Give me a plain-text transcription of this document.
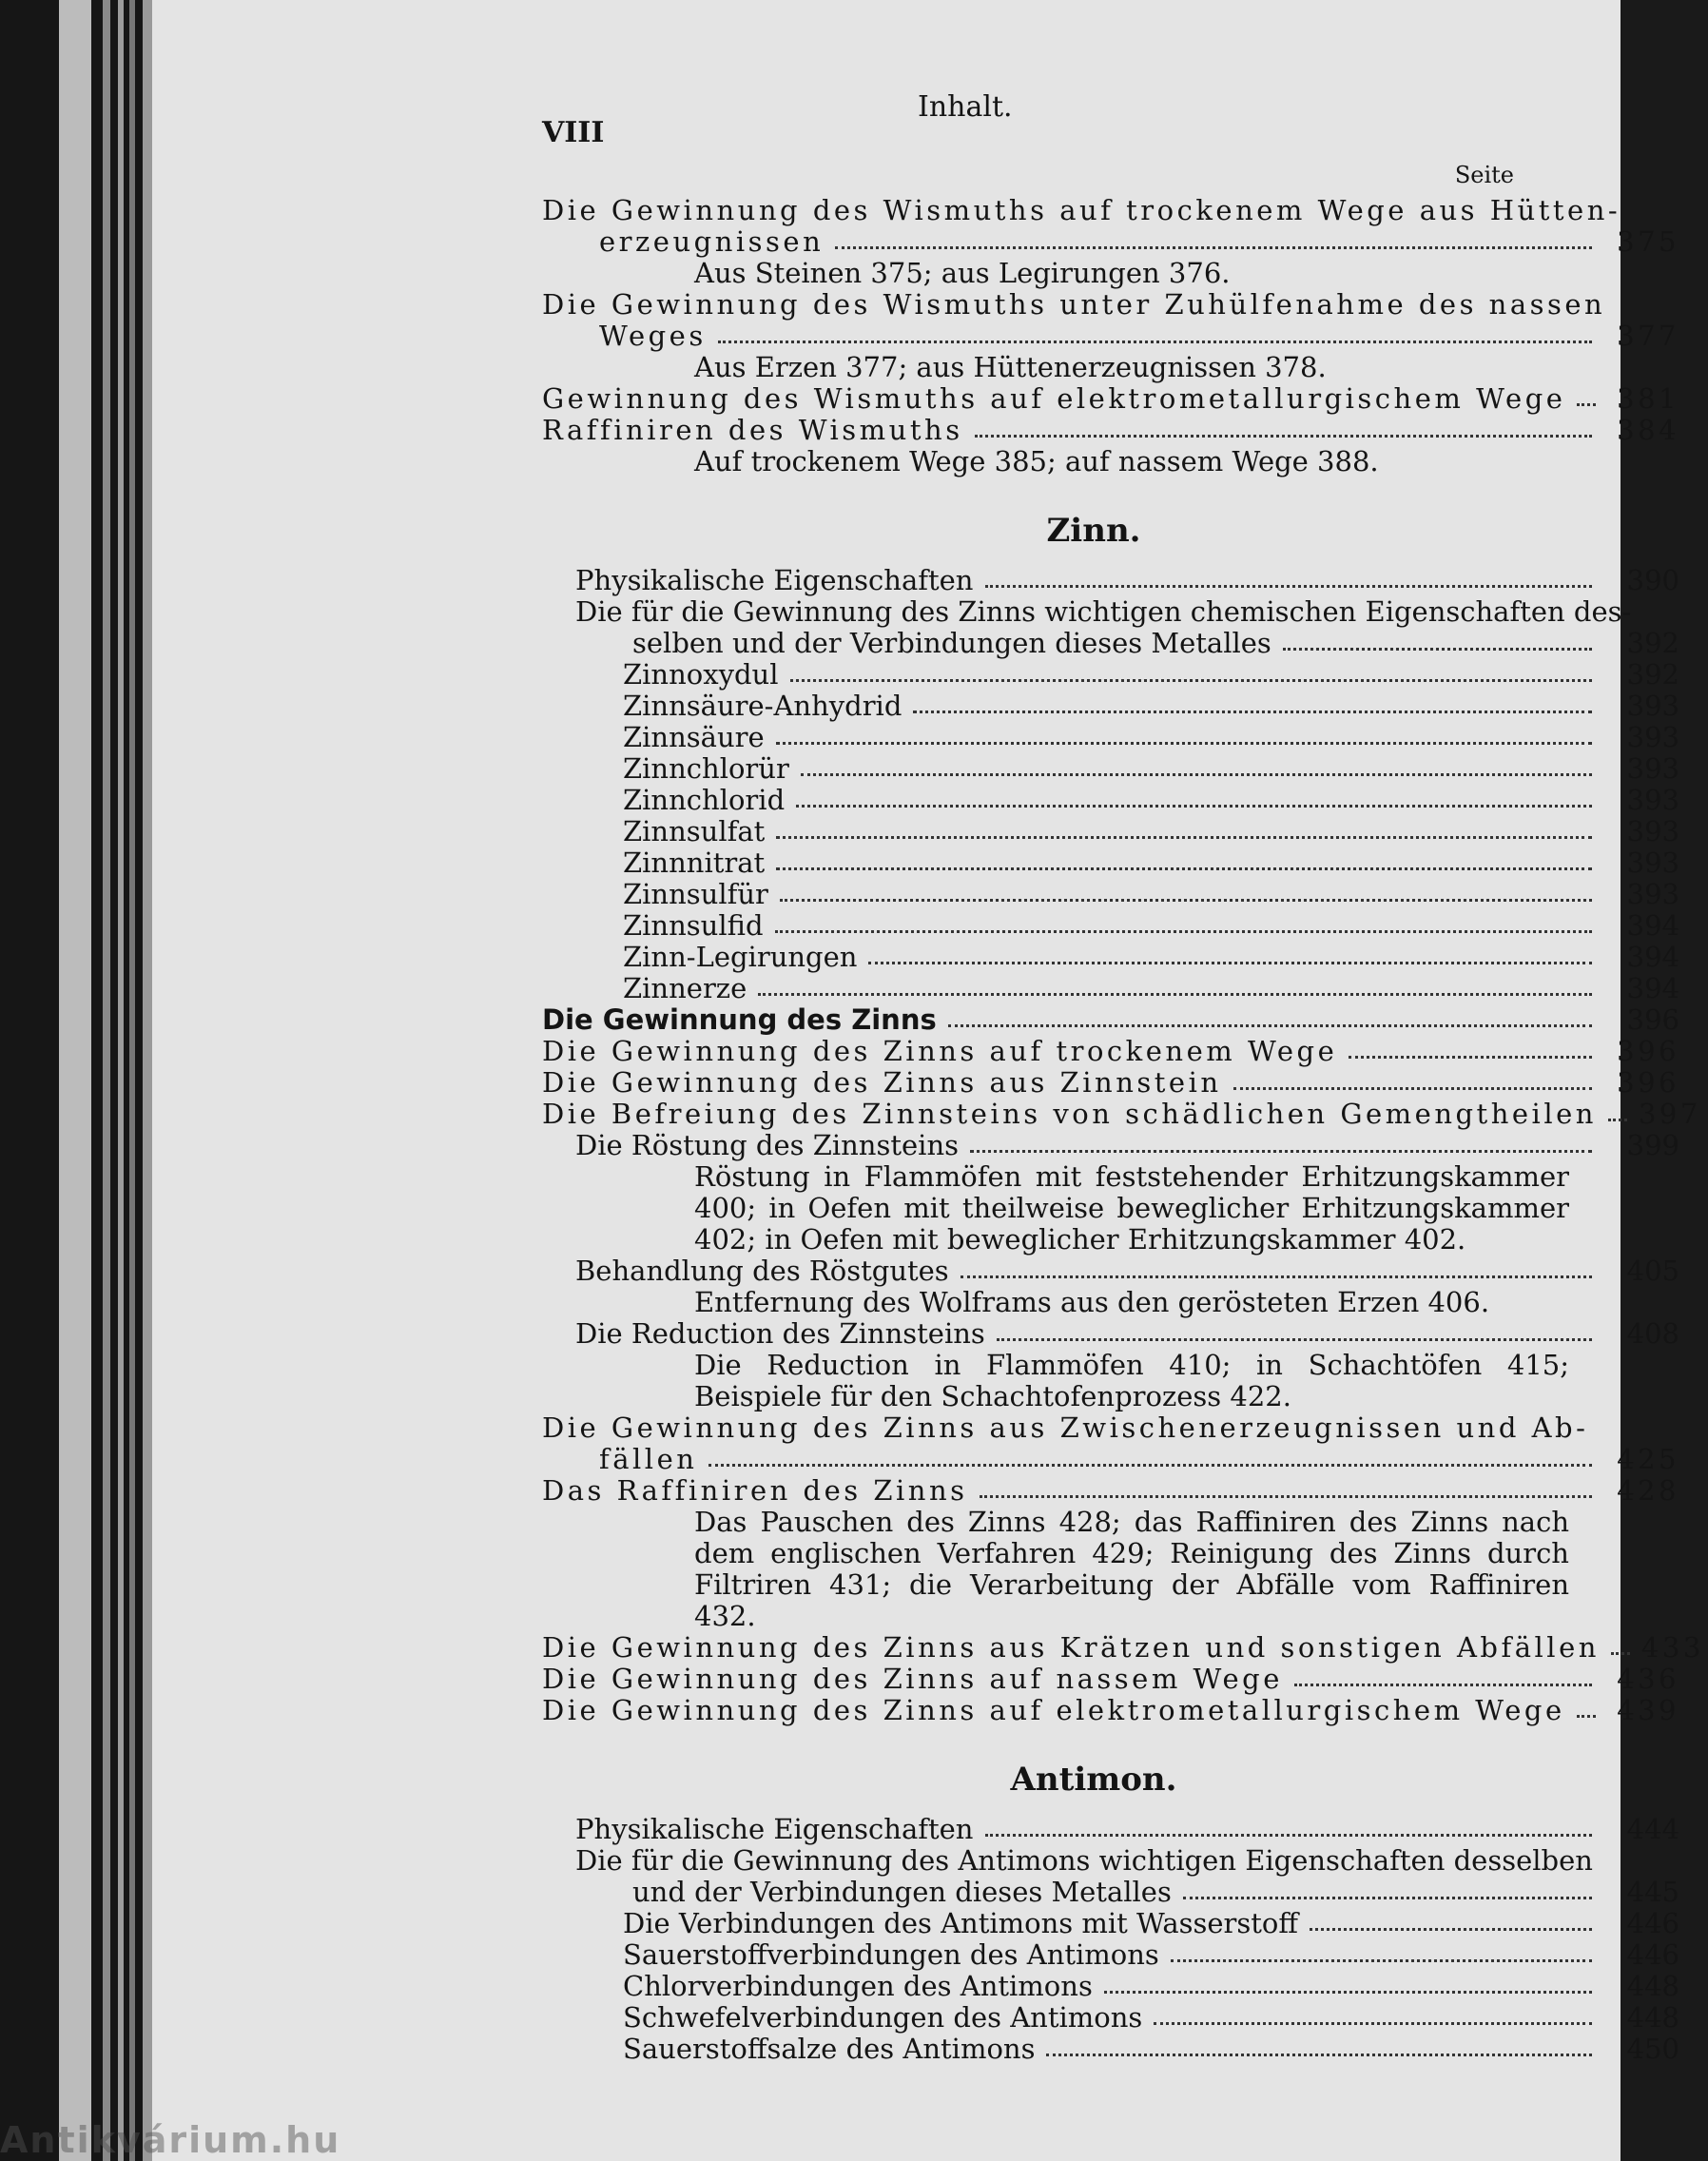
VIII
Inhalt.
Seite
Die Gewinnung des Wismuths auf trockenem Wege aus Hütten-
erzeugnissen	375
Aus Steinen 375; aus Legirungen 376.
Die Gewinnung des Wismuths unter Zuhülfenahme des nassen
Weges	377
Aus Erzen 377; aus Hüttenerzeugnissen 378.
Gewinnung des Wismuths auf elektrometallurgischem Wege	381
Raffiniren des Wismuths	384
Auf trockenem Wege 385; auf nassem Wege 388.
Zinn.
Physikalische Eigenschaften	390
Die für die Gewinnung des Zinns wichtigen chemischen Eigenschaften des-
selben und der Verbindungen dieses Metalles	392
Zinnoxydul	392
Zinnsäure-Anhydrid	393
Zinnsäure	393
Zinnchlorür	393
Zinnchlorid	393
Zinnsulfat	393
Zinnnitrat	393
Zinnsulfür	393
Zinnsulfid	394
Zinn-Legirungen	394
Zinnerze	394
Die Gewinnung des Zinns	396
Die Gewinnung des Zinns auf trockenem Wege	396
Die Gewinnung des Zinns aus Zinnstein	396
Die Befreiung des Zinnsteins von schädlichen Gemengtheilen 397
Die Röstung des Zinnsteins	399
Röstung in Flammöfen mit feststehender Erhitzungskammer 400; in Oefen mit theilweise beweglicher Erhitzungskammer 402; in Oefen mit beweglicher Erhitzungskammer 402.
Behandlung des Röstgutes	405
Entfernung des Wolframs aus den gerösteten Erzen 406.
Die Reduction des Zinnsteins	408
Die Reduction in Flammöfen 410; in Schachtöfen 415; Beispiele für den Schachtofenprozess 422.
Die Gewinnung des Zinns aus Zwischenerzeugnissen und Ab-
fällen	425
Das Raffiniren des Zinns	428
Das Pauschen des Zinns 428; das Raffiniren des Zinns nach dem englischen Verfahren 429; Reinigung des Zinns durch Filtriren 431; die Verarbeitung der Abfälle vom Raffiniren 432.
Die Gewinnung des Zinns aus Krätzen und sonstigen Abfällen 433
Die Gewinnung des Zinns auf nassem Wege	436
Die Gewinnung des Zinns auf elektrometallurgischem Wege	439
Antimon.
Physikalische Eigenschaften	444
Die für die Gewinnung des Antimons wichtigen Eigenschaften desselben
und der Verbindungen dieses Metalles	445
Die Verbindungen des Antimons mit Wasserstoff	446
Sauerstoffverbindungen des Antimons	446
Chlorverbindungen des Antimons	448
Schwefelverbindungen des Antimons	448
Sauerstoffsalze des Antimons	450
Antikvárium.hu
